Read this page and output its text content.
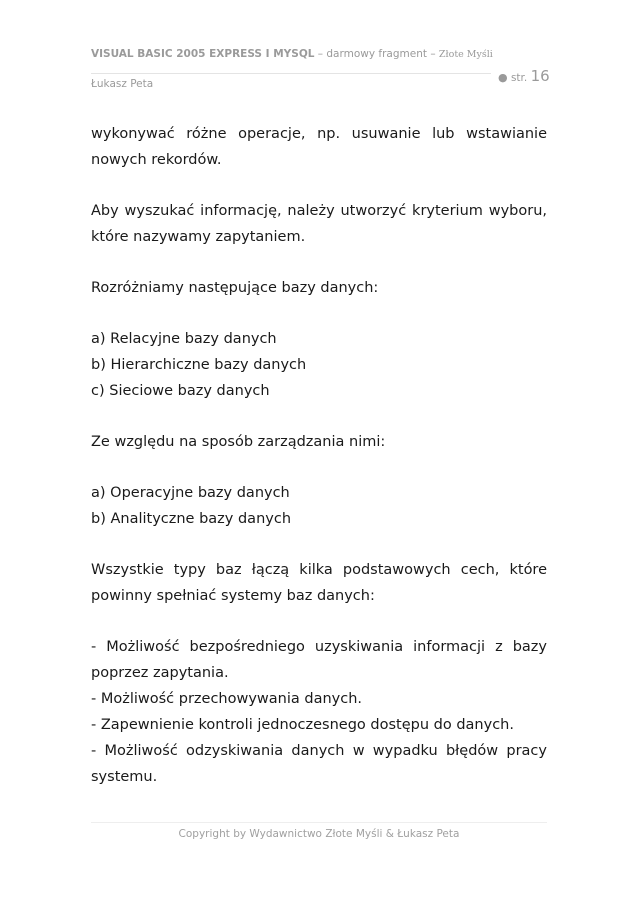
VISUAL BASIC 2005 EXPRESS I MYSQL – darmowy fragment – Złote Myśli
Łukasz Peta	● str. 16

wykonywać różne operacje, np. usuwanie lub wstawianie nowych rekordów.

Aby wyszukać informację, należy utworzyć kryterium wyboru, które nazywamy zapytaniem.

Rozróżniamy następujące bazy danych:

a) Relacyjne bazy danych
b) Hierarchiczne bazy danych
c) Sieciowe bazy danych

Ze względu na sposób zarządzania nimi:

a) Operacyjne bazy danych
b) Analityczne bazy danych

Wszystkie typy baz łączą kilka podstawowych cech, które powinny spełniać systemy baz danych:

- Możliwość bezpośredniego uzyskiwania informacji z bazy poprzez zapytania.
- Możliwość przechowywania danych.
- Zapewnienie kontroli jednoczesnego dostępu do danych.
- Możliwość odzyskiwania danych w wypadku błędów pracy systemu.
Copyright by Wydawnictwo Złote Myśli & Łukasz Peta
